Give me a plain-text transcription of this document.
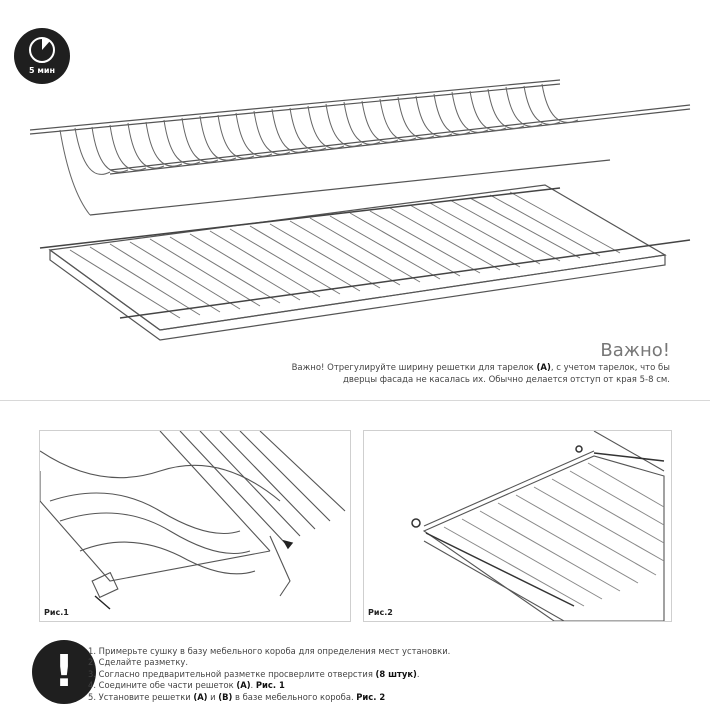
5 мин
Важно!
Важно! Отрегулируйте ширину решетки для тарелок (A), с учетом тарелок, что бы
дверцы фасада не касалась их. Обычно делается отступ от края 5-8 см.
Рис.1	Рис.2
!	1. Примерьте сушку в базу мебельного короба для определения мест установки.
2. Сделайте разметку.
3. Согласно предварительной разметке просверлите отверстия (8 штук).
4. Соедините обе части решеток (A). Рис. 1
5. Установите решетки (A) и (B) в базе мебельного короба. Рис. 2
